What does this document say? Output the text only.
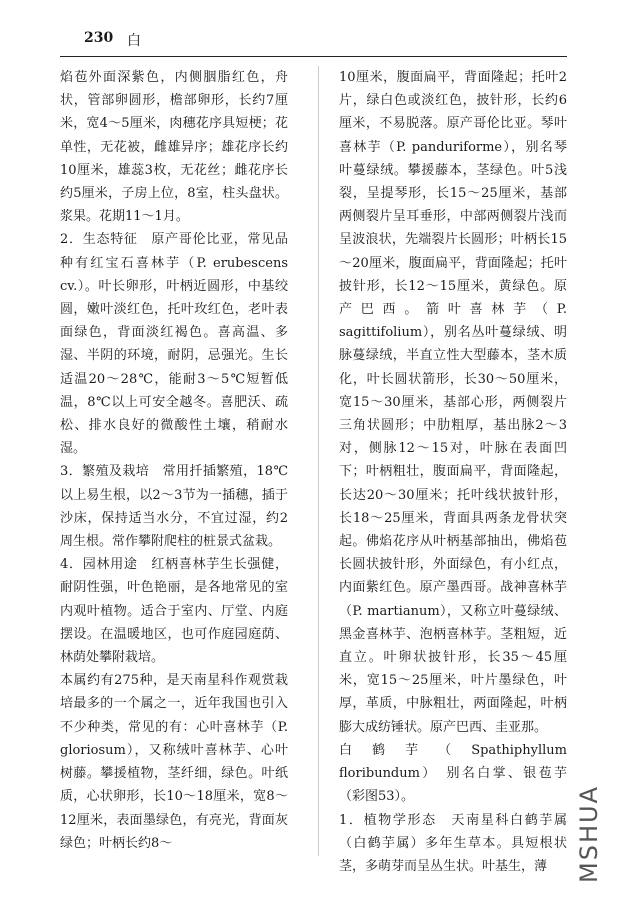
230 白

焰苞外面深紫色，内侧胭脂红色，舟状，管部卵圆形，檐部卵形，长约7厘米，宽4～5厘米，肉穗花序具短梗；花单性，无花被，雌雄异序；雄花序长约10厘米，雄蕊3枚，无花丝；雌花序长约5厘米，子房上位，8室，柱头盘状。浆果。花期11～1月。

2．生态特征　原产哥伦比亚，常见品种有红宝石喜林芋（P. erubescens cv.）。叶长卵形，叶柄近圆形，中基绞圆，嫩叶淡红色，托叶玫红色，老叶表面绿色，背面淡红褐色。喜高温、多湿、半阴的环境，耐阴，忌强光。生长适温20～28℃，能耐3～5℃短暂低温，8℃以上可安全越冬。喜肥沃、疏松、排水良好的微酸性土壤，稍耐水湿。

3．繁殖及栽培　常用扦插繁殖，18℃以上易生根，以2～3节为一插穗，插于沙床，保持适当水分，不宜过湿，约2周生根。常作攀附爬柱的桩景式盆栽。

4．园林用途　红柄喜林芋生长强健，耐阴性强，叶色艳丽，是各地常见的室内观叶植物。适合于室内、厅堂、内庭摆设。在温暖地区，也可作庭园庭荫、林荫处攀附栽培。

本属约有275种，是天南星科作观赏栽培最多的一个属之一，近年我国也引入不少种类，常见的有：心叶喜林芋（P. gloriosum），又称绒叶喜林芋、心叶树藤。攀援植物，茎纤细，绿色。叶纸质，心状卵形，长10～18厘米，宽8～12厘米，表面墨绿色，有亮光，背面灰绿色；叶柄长约8～

10厘米，腹面扁平，背面隆起；托叶2片，绿白色或淡红色，披针形，长约6厘米，不易脱落。原产哥伦比亚。琴叶喜林芋（P. panduriforme），别名琴叶蔓绿绒。攀援藤本，茎绿色。叶5浅裂，呈提琴形，长15～25厘米，基部两侧裂片呈耳垂形，中部两侧裂片浅而呈波浪状，先端裂片长圆形；叶柄长15～20厘米，腹面扁平，背面隆起；托叶披针形，长12～15厘米，黄绿色。原产巴西。箭叶喜林芋（P. sagittifolium），别名丛叶蔓绿绒、明脉蔓绿绒，半直立性大型藤本，茎木质化，叶长圆状箭形，长30～50厘米，宽15～30厘米，基部心形，两侧裂片三角状圆形；中肋粗厚，基出脉2～3对，侧脉12～15对，叶脉在表面凹下；叶柄粗壮，腹面扁平，背面隆起，长达20～30厘米；托叶线状披针形，长18～25厘米，背面具两条龙骨状突起。佛焰花序从叶柄基部抽出，佛焰苞长圆状披针形，外面绿色，有小红点，内面紫红色。原产墨西哥。战神喜林芋（P. martianum），又称立叶蔓绿绒、黑金喜林芋、泡柄喜林芋。茎粗短，近直立。叶卵状披针形，长35～45厘米，宽15～25厘米，叶片墨绿色，叶厚，革质，中脉粗壮，两面隆起，叶柄膨大成纺锤状。原产巴西、圭亚那。

白鹤芋（Spathiphyllum floribundum）　别名白掌、银苞芋（彩图53）。

1．植物学形态　天南星科白鹤芋属（白鹤芋属）多年生草本。具短根状茎，多萌芽而呈丛生状。叶基生，薄	MSHUA
